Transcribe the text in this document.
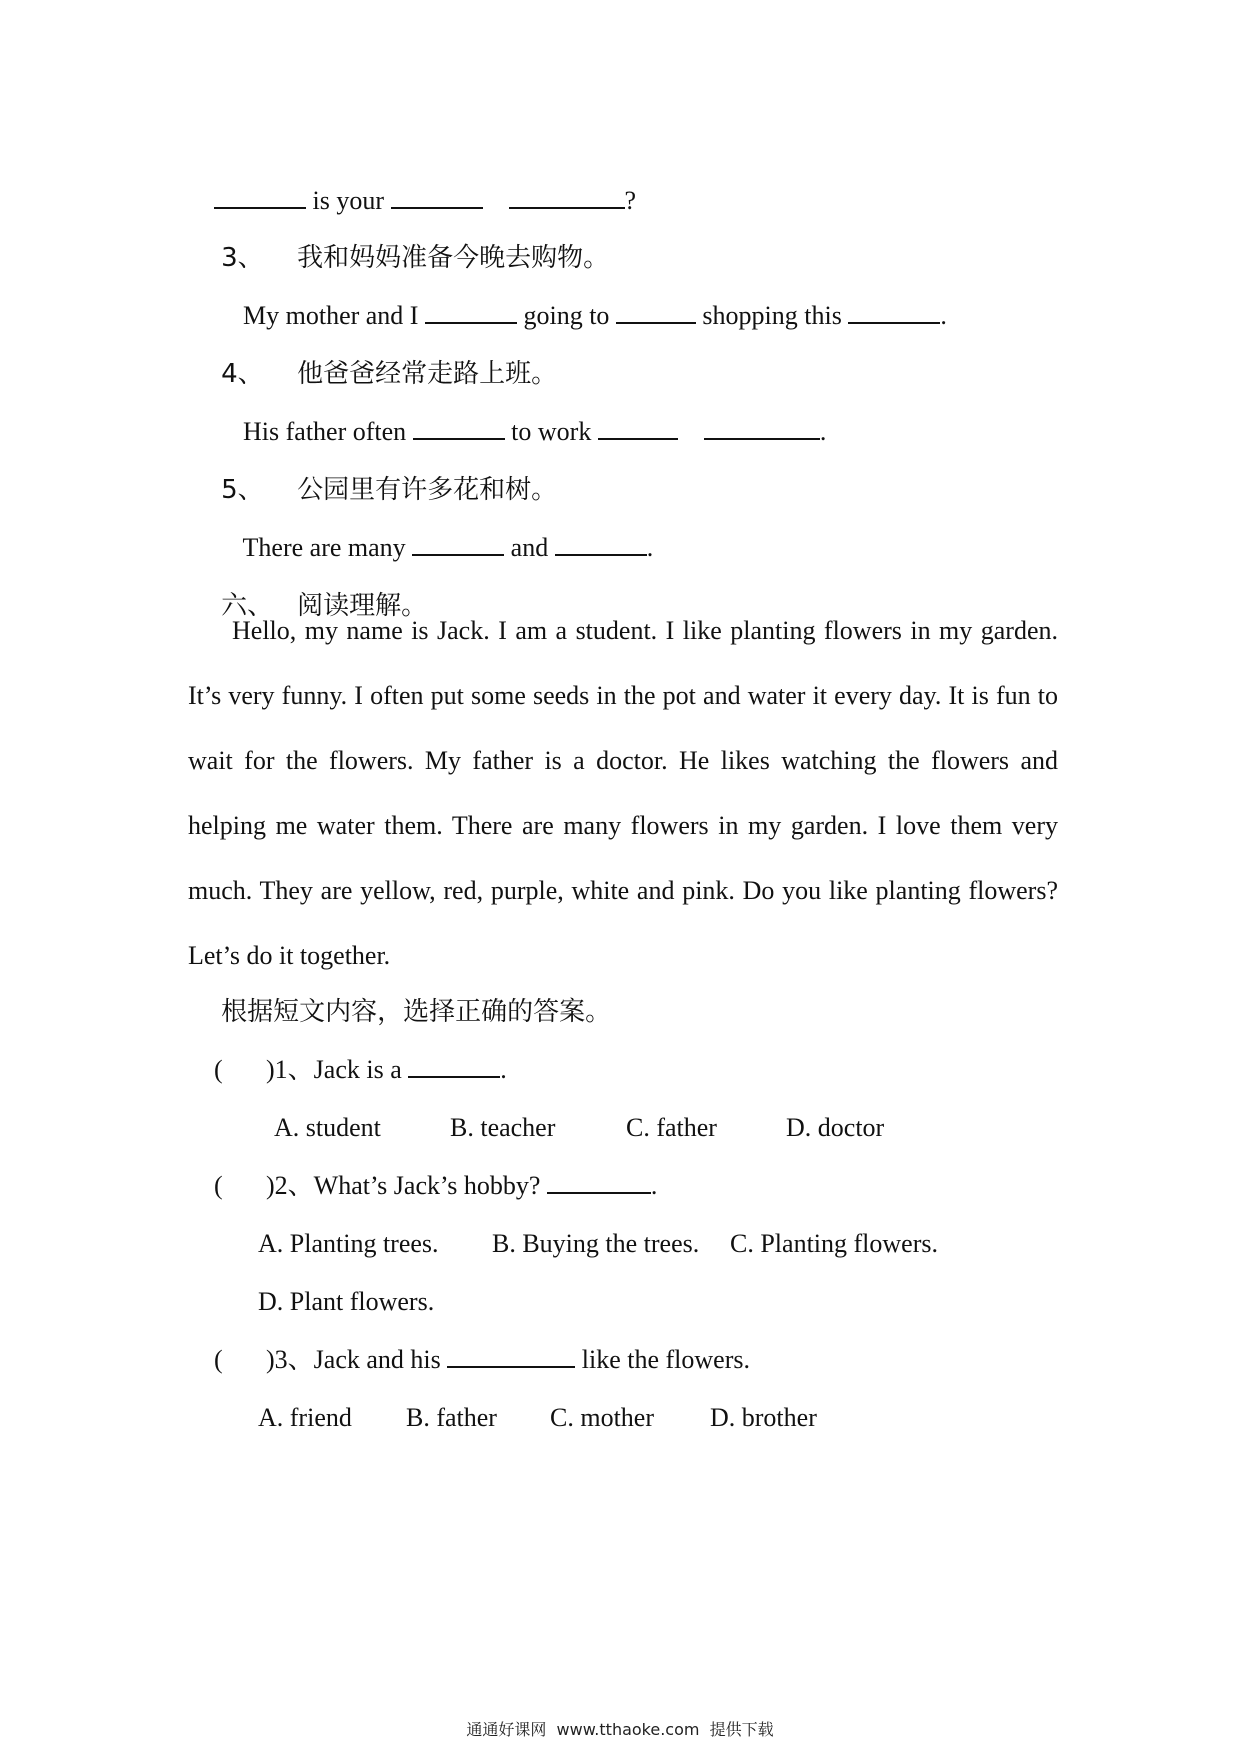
is your	?

3、 我和妈妈准备今晚去购物。

My mother and I	going to	shopping this	.

4、 他爸爸经常走路上班。

His father often	to work	.

5、 公园里有许多花和树。

There are many	and	.

六、 阅读理解。

Hello, my name is Jack. I am a student. I like planting flowers in my garden. It’s very funny. I often put some seeds in the pot and water it every day. It is fun to wait for the flowers. My father is a doctor. He likes watching the flowers and helping me water them. There are many flowers in my garden. I love them very much. They are yellow, red, purple, white and pink. Do you like planting flowers? Let’s do it together.

根据短文内容，选择正确的答案。

( )1、Jack is a	.

A. student	B. teacher	C. father	D. doctor

( )2、What’s Jack’s hobby?	.

A. Planting trees. B. Buying the trees. C. Planting flowers.

D. Plant flowers.

( )3、Jack and his	like the flowers.

A. friend B. father C. mother D. brother

通通好课网 www.tthaoke.com 提供下载
